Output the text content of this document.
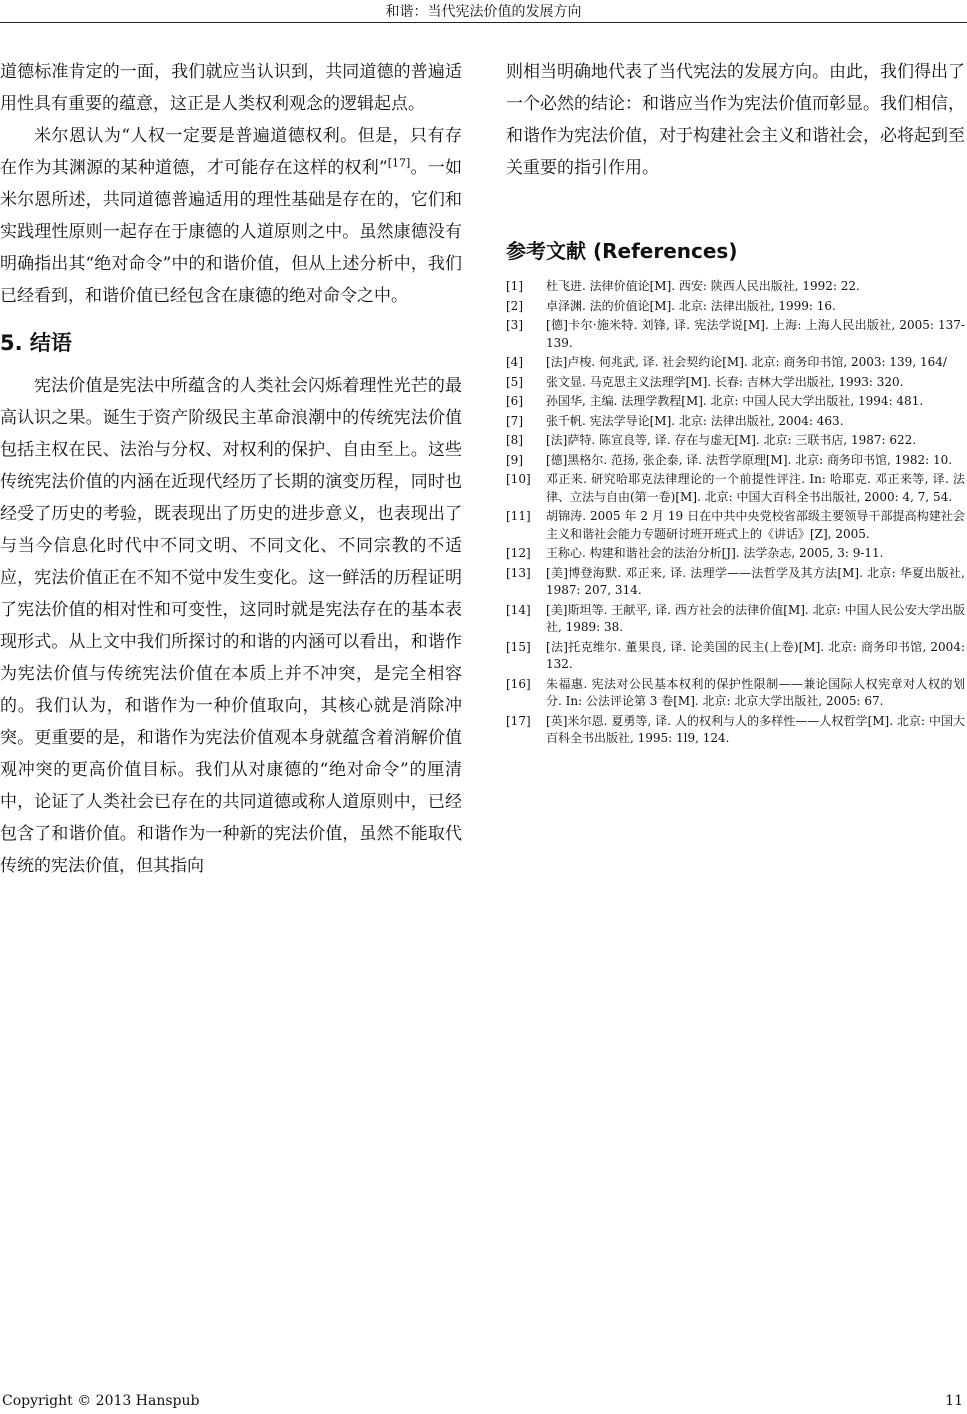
和谐：当代宪法价值的发展方向

道德标准肯定的一面，我们就应当认识到，共同道德的普遍适用性具有重要的蕴意，这正是人类权利观念的逻辑起点。

米尔恩认为“人权一定要是普遍道德权利。但是，只有存在作为其渊源的某种道德，才可能存在这样的权利”[17]。一如米尔恩所述，共同道德普遍适用的理性基础是存在的，它们和实践理性原则一起存在于康德的人道原则之中。虽然康德没有明确指出其“绝对命令”中的和谐价值，但从上述分析中，我们已经看到，和谐价值已经包含在康德的绝对命令之中。

5. 结语

宪法价值是宪法中所蕴含的人类社会闪烁着理性光芒的最高认识之果。诞生于资产阶级民主革命浪潮中的传统宪法价值包括主权在民、法治与分权、对权利的保护、自由至上。这些传统宪法价值的内涵在近现代经历了长期的演变历程，同时也经受了历史的考验，既表现出了历史的进步意义，也表现出了与当今信息化时代中不同文明、不同文化、不同宗教的不适应，宪法价值正在不知不觉中发生变化。这一鲜活的历程证明了宪法价值的相对性和可变性，这同时就是宪法存在的基本表现形式。从上文中我们所探讨的和谐的内涵可以看出，和谐作为宪法价值与传统宪法价值在本质上并不冲突，是完全相容的。我们认为，和谐作为一种价值取向，其核心就是消除冲突。更重要的是，和谐作为宪法价值观本身就蕴含着消解价值观冲突的更高价值目标。我们从对康德的“绝对命令”的厘清中，论证了人类社会已存在的共同道德或称人道原则中，已经包含了和谐价值。和谐作为一种新的宪法价值，虽然不能取代传统的宪法价值，但其指向

则相当明确地代表了当代宪法的发展方向。由此，我们得出了一个必然的结论：和谐应当作为宪法价值而彰显。我们相信，和谐作为宪法价值，对于构建社会主义和谐社会，必将起到至关重要的指引作用。

参考文献 (References)
[1]	杜飞进. 法律价值论[M]. 西安: 陕西人民出版社, 1992: 22.
[2]	卓泽渊. 法的价值论[M]. 北京: 法律出版社, 1999: 16.
[3]	[德]卡尔·施米特. 刘锋, 译. 宪法学说[M]. 上海: 上海人民出版社, 2005: 137-139.
[4]	[法]卢梭. 何兆武, 译. 社会契约论[M]. 北京: 商务印书馆, 2003: 139, 164/
[5]	张文显. 马克思主义法理学[M]. 长春: 吉林大学出版社, 1993: 320.
[6]	孙国华, 主编. 法理学教程[M]. 北京: 中国人民大学出版社, 1994: 481.
[7]	张千帆. 宪法学导论[M]. 北京: 法律出版社, 2004: 463.
[8]	[法]萨特. 陈宣良等, 译. 存在与虚无[M]. 北京: 三联书店, 1987: 622.
[9]	[德]黑格尔. 范扬, 张企泰, 译. 法哲学原理[M]. 北京: 商务印书馆, 1982: 10.
[10]	邓正来. 研究哈耶克法律理论的一个前提性评注. In: 哈耶克. 邓正来等, 译. 法律、立法与自由(第一卷)[M]. 北京: 中国大百科全书出版社, 2000: 4, 7, 54.
[11]	胡锦涛. 2005 年 2 月 19 日在中共中央党校省部级主要领导干部提高构建社会主义和谐社会能力专题研讨班开班式上的《讲话》[Z], 2005.
[12]	王称心. 构建和谐社会的法治分析[J]. 法学杂志, 2005, 3: 9-11.
[13]	[美]博登海默. 邓正来, 译. 法理学——法哲学及其方法[M]. 北京: 华夏出版社, 1987: 207, 314.
[14]	[美]斯坦等. 王献平, 译. 西方社会的法律价值[M]. 北京: 中国人民公安大学出版社, 1989: 38.
[15]	[法]托克维尔. 董果良, 译. 论美国的民主(上卷)[M]. 北京: 商务印书馆, 2004: 132.
[16]	朱福惠. 宪法对公民基本权利的保护性限制——兼论国际人权宪章对人权的划分. In: 公法评论第 3 卷[M]. 北京: 北京大学出版社, 2005: 67.
[17]	[英]米尔恩. 夏勇等, 译. 人的权利与人的多样性——人权哲学[M]. 北京: 中国大百科全书出版社, 1995: 1l9, 124.
Copyright © 2013 Hanspub	11
